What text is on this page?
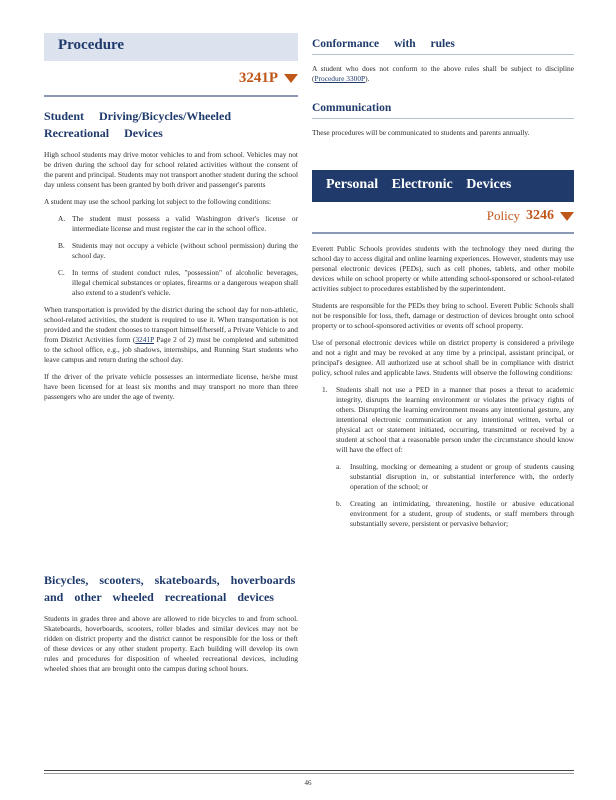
Procedure
3241P
Student Driving/Bicycles/Wheeled Recreational Devices

High school students may drive motor vehicles to and from school. Vehicles may not be driven during the school day for school related activities without the consent of the parent and principal. Students may not transport another student during the school day unless consent has been granted by both driver and passenger's parents

A student may use the school parking lot subject to the following conditions:

A. The student must possess a valid Washington driver's license or intermediate license and must register the car in the school office.
B. Students may not occupy a vehicle (without school permission) during the school day.
C. In terms of student conduct rules, "possession" of alcoholic beverages, illegal chemical substances or opiates, firearms or a dangerous weapon shall also extend to a student's vehicle.

When transportation is provided by the district during the school day for non-athletic, school-related activities, the student is required to use it. When transportation is not provided and the student chooses to transport himself/herself, a Private Vehicle to and from District Activities form (3241P Page 2 of 2) must be completed and submitted to the school office, e.g., job shadows, internships, and Running Start students who leave campus and return during the school day.

If the driver of the private vehicle possesses an intermediate license, he/she must have been licensed for at least six months and may transport no more than three passengers who are under the age of twenty.

Bicycles, scooters, skateboards, hoverboards and other wheeled recreational devices

Students in grades three and above are allowed to ride bicycles to and from school. Skateboards, hoverboards, scooters, roller blades and similar devices may not be ridden on district property and the district cannot be responsible for the loss or theft of these devices or any other student property. Each building will develop its own rules and procedures for disposition of wheeled recreational devices, including wheeled shoes that are brought onto the campus during school hours.

Conformance with rules

A student who does not conform to the above rules shall be subject to discipline (Procedure 3300P).

Communication

These procedures will be communicated to students and parents annually.

Personal Electronic Devices
Policy 3246

Everett Public Schools provides students with the technology they need during the school day to access digital and online learning experiences. However, students may use personal electronic devices (PEDs), such as cell phones, tablets, and other mobile devices while on school property or while attending school-sponsored or school-related activities subject to procedures established by the superintendent.

Students are responsible for the PEDs they bring to school. Everett Public Schools shall not be responsible for loss, theft, damage or destruction of devices brought onto school property or to school-sponsored activities or events off school property.

Use of personal electronic devices while on district property is considered a privilege and not a right and may be revoked at any time by a principal, assistant principal, or principal's designee. All authorized use at school shall be in compliance with district policy, school rules and applicable laws. Students will observe the following conditions:

1.	Students shall not use a PED in a manner that poses a threat to academic integrity, disrupts the learning environment or violates the privacy rights of others. Disrupting the learning environment means any intentional gesture, any intentional electronic communication or any intentional written, verbal or physical act or statement initiated, occurring, transmitted or received by a student at school that a reasonable person under the circumstance should know will have the effect of:
a.	Insulting, mocking or demeaning a student or group of students causing substantial disruption in, or substantial interference with, the orderly operation of the school; or
b.	Creating an intimidating, threatening, hostile or abusive educational environment for a student, group of students, or staff members through substantially severe, persistent or pervasive behavior;
46
